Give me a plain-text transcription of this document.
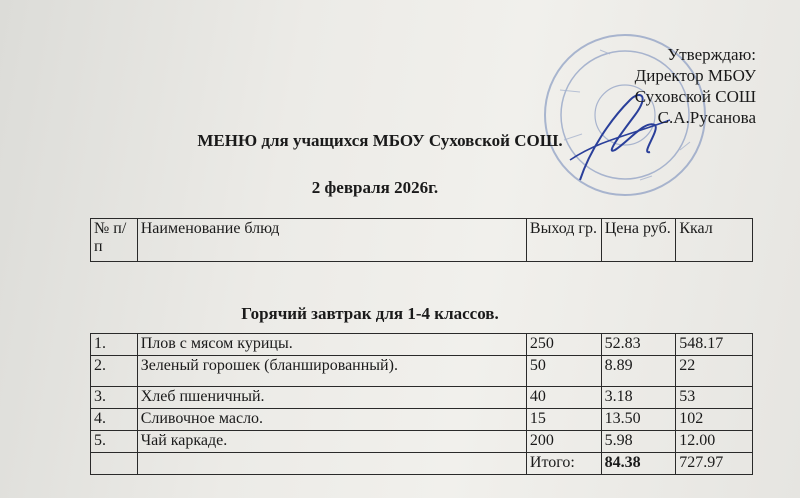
Утверждаю:
Директор МБОУ
Суховской СОШ
С.А.Русанова
МЕНЮ для учащихся МБОУ Суховской СОШ.
2 февраля 2026г.
№ п/п	Наименование блюд	Выход гр.	Цена руб.	Ккал
Горячий завтрак для 1-4 классов.
1.	Плов с мясом курицы.	250	52.83	548.17
2.	Зеленый горошек (бланшированный).	50	8.89	22
3.	Хлеб пшеничный.	40	3.18	53
4.	Сливочное масло.	15	13.50	102
5.	Чай каркаде.	200	5.98	12.00
		Итого:	84.38	727.97
